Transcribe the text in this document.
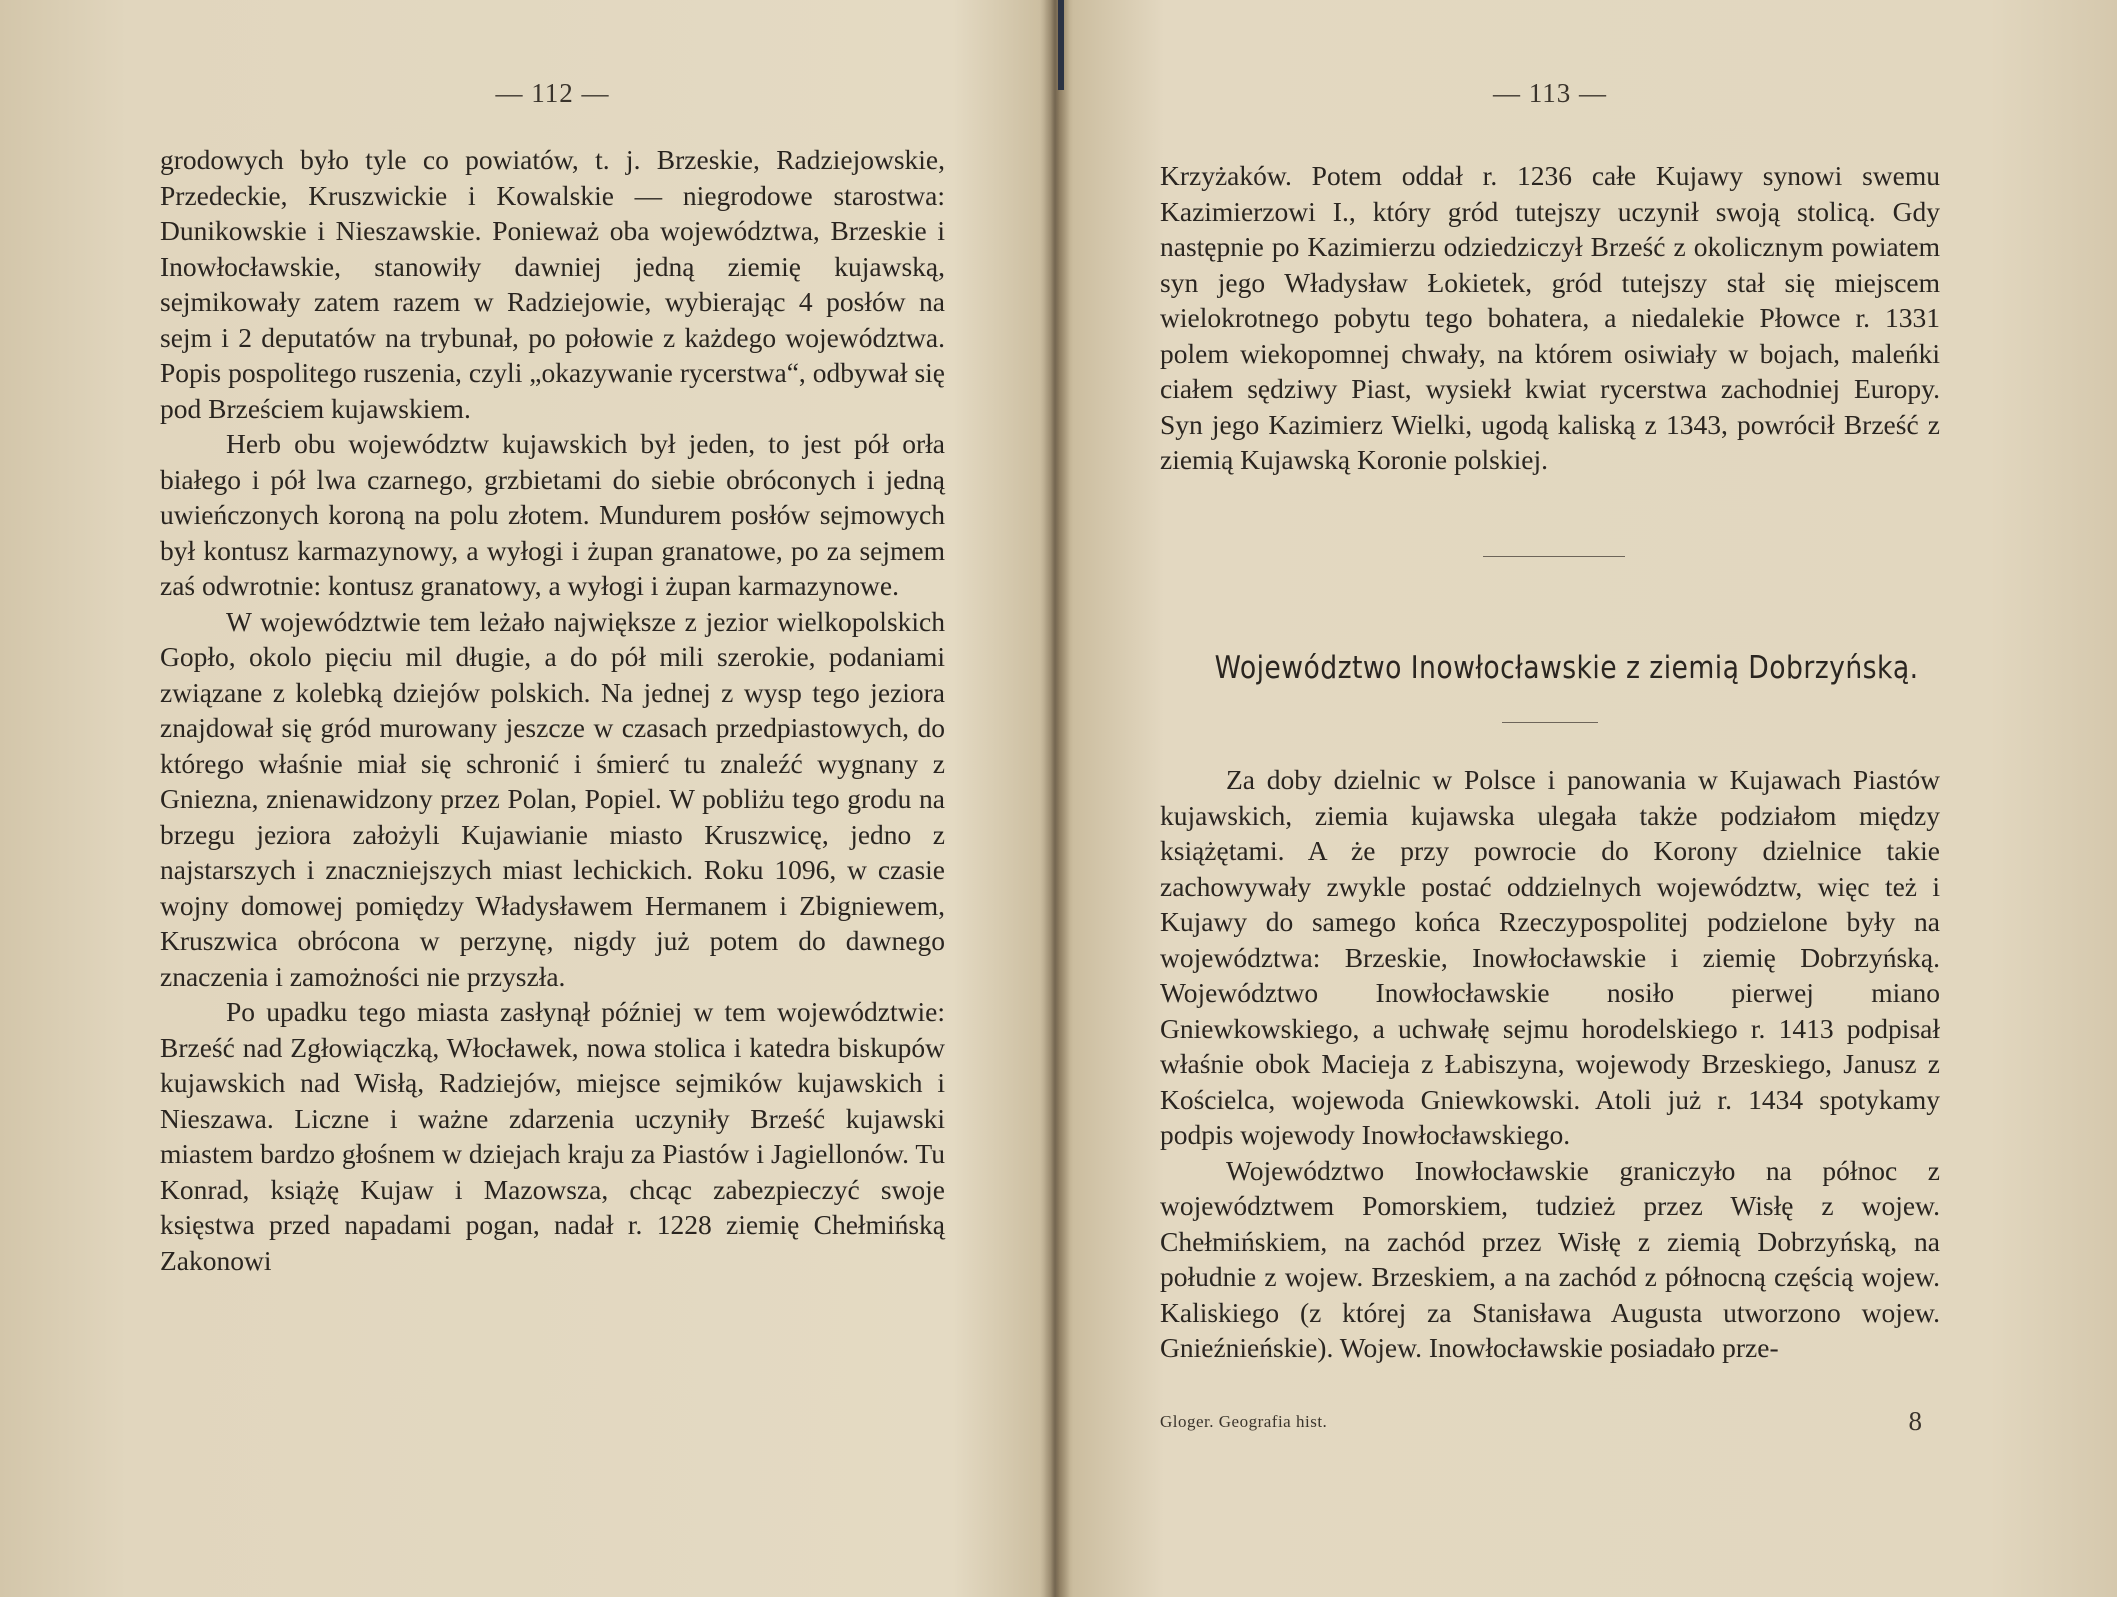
— 112 —

grodowych było tyle co powiatów, t. j. Brzeskie, Radziejowskie, Przedeckie, Kruszwickie i Kowalskie — niegrodowe starostwa: Dunikowskie i Nieszawskie. Ponieważ oba województwa, Brzeskie i Inowłocławskie, stanowiły dawniej jedną ziemię kujawską, sejmikowały zatem razem w Radziejowie, wybierając 4 posłów na sejm i 2 deputatów na trybunał, po połowie z każdego województwa. Popis pospolitego ruszenia, czyli „okazywanie rycerstwa“, odbywał się pod Brześciem kujawskiem.

Herb obu województw kujawskich był jeden, to jest pół orła białego i pół lwa czarnego, grzbietami do siebie obróconych i jedną uwieńczonych koroną na polu złotem. Mundurem posłów sejmowych był kontusz karmazynowy, a wyłogi i żupan granatowe, po za sejmem zaś odwrotnie: kontusz granatowy, a wyłogi i żupan karmazynowe.

W województwie tem leżało największe z jezior wielkopolskich Gopło, okolo pięciu mil długie, a do pół mili szerokie, podaniami związane z kolebką dziejów polskich. Na jednej z wysp tego jeziora znajdował się gród murowany jeszcze w czasach przedpiastowych, do którego właśnie miał się schronić i śmierć tu znaleźć wygnany z Gniezna, znienawidzony przez Polan, Popiel. W pobliżu tego grodu na brzegu jeziora założyli Kujawianie miasto Kruszwicę, jedno z najstarszych i znaczniejszych miast lechickich. Roku 1096, w czasie wojny domowej pomiędzy Władysławem Hermanem i Zbigniewem, Kruszwica obrócona w perzynę, nigdy już potem do dawnego znaczenia i zamożności nie przyszła.

Po upadku tego miasta zasłynął później w tem województwie: Brześć nad Zgłowiączką, Włocławek, nowa stolica i katedra biskupów kujawskich nad Wisłą, Radziejów, miejsce sejmików kujawskich i Nieszawa. Liczne i ważne zdarzenia uczyniły Brześć kujawski miastem bardzo głośnem w dziejach kraju za Piastów i Jagiellonów. Tu Konrad, książę Kujaw i Mazowsza, chcąc zabezpieczyć swoje księstwa przed napadami pogan, nadał r. 1228 ziemię Chełmińską Zakonowi

— 113 —

Krzyżaków. Potem oddał r. 1236 całe Kujawy synowi swemu Kazimierzowi I., który gród tutejszy uczynił swoją stolicą. Gdy następnie po Kazimierzu odziedziczył Brześć z okolicznym powiatem syn jego Władysław Łokietek, gród tutejszy stał się miejscem wielokrotnego pobytu tego bohatera, a niedalekie Płowce r. 1331 polem wiekopomnej chwały, na którem osiwiały w bojach, maleńki ciałem sędziwy Piast, wysiekł kwiat rycerstwa zachodniej Europy. Syn jego Kazimierz Wielki, ugodą kaliską z 1343, powrócił Brześć z ziemią Kujawską Koronie polskiej.

Województwo Inowłocławskie z ziemią Dobrzyńską.

Za doby dzielnic w Polsce i panowania w Kujawach Piastów kujawskich, ziemia kujawska ulegała także podziałom między książętami. A że przy powrocie do Korony dzielnice takie zachowywały zwykle postać oddzielnych województw, więc też i Kujawy do samego końca Rzeczypospolitej podzielone były na województwa: Brzeskie, Inowłocławskie i ziemię Dobrzyńską. Województwo Inowłocławskie nosiło pierwej miano Gniewkowskiego, a uchwałę sejmu horodelskiego r. 1413 podpisał właśnie obok Macieja z Łabiszyna, wojewody Brzeskiego, Janusz z Kościelca, wojewoda Gniewkowski. Atoli już r. 1434 spotykamy podpis wojewody Inowłocławskiego.

Województwo Inowłocławskie graniczyło na północ z województwem Pomorskiem, tudzież przez Wisłę z wojew. Chełmińskiem, na zachód przez Wisłę z ziemią Dobrzyńską, na południe z wojew. Brzeskiem, a na zachód z północną częścią wojew. Kaliskiego (z której za Stanisława Augusta utworzono wojew. Gnieźnieńskie). Wojew. Inowłocławskie posiadało prze-

Gloger. Geografia hist.	8
